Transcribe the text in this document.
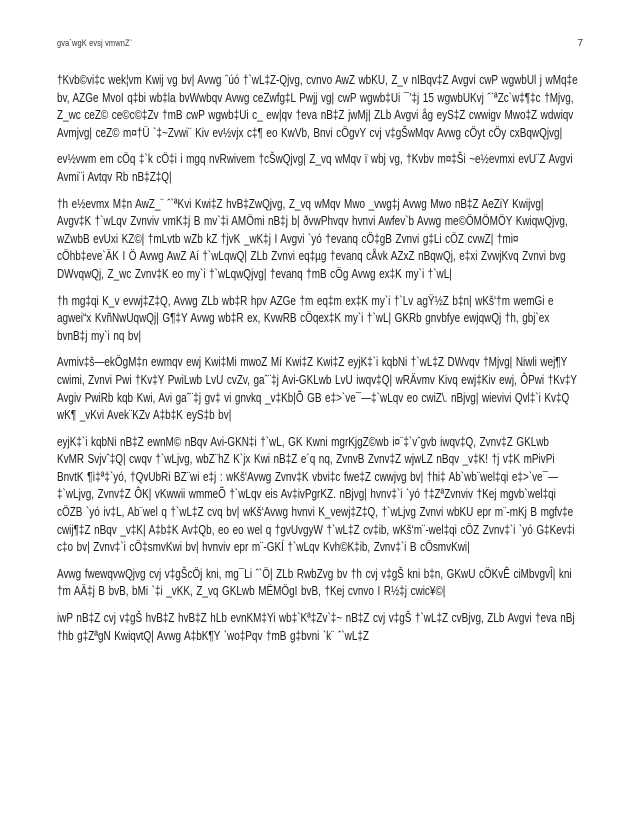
gva`wgK evsj vmwnZ¨	7

†Kvb©vi‡c wek¦vm Kwij vg bv| Avwg ˆúó †`wL‡Z-Qjvg, cvnvo AwZ wbKU, Z_v nIBqv‡Z Avgvi cwP wgwbUl j wMq‡e bv, AZGe MvoI q‡bi wb‡la bvWwbqv Avwg ceZwfg‡L Pwjj vg| cwP wgwb‡Ui ¯’‡j 15 wgwbUKvj ˆ`ªZc`w‡¶‡c †Mjvg, Z_wc ceZ© ce©c©‡Zv †mB cwP wgwb‡Ui c_ ew|qv †eva nB‡Z jwMj| ZLb Avgvi åg eyS‡Z cwwigv Mwo‡Z wdwiqv Avmjvg| ceZ© m¤†Ü `‡~Zvwi¨ Kiv ev½vjx c‡¶ eo KwVb, Bnvi cÖgvY cvj v‡gŠwMqv Avwg cÖyt cÖy cxBqwQjvg|

ev½vwm em cÖq ‡`k cÖ‡i i mgq nvRwivem †cŠwQjvg| Z_vq wMqv ï wbj vg, †Kvbv m¤‡Ši ~e½evmxi evU¨Z Avgvi Avmi¨i Avtqv Rb nB‡Z‡Q|

†h e½evmx M‡n AwZ_¨ ˆ`ªKvi Kwi‡Z hvB‡ZwQjvg, Z_vq wMqv Mwo _vwg‡j Avwg Mwo nB‡Z AeZiY Kwijvg| Avgv‡K †`wLqv Zvnviv vmK‡j B mv`‡i AMÖmi nB‡j b| ðvwPhvqv hvnvi Awfev`b Avwg me©ÖMÖMÖY KwiqwQjvg, wZwbB evUxi KZ©| †mLvtb wZb kZ †jvK _wK‡j I Avgvi `yó †evanq cÖ‡gB Zvnvi g‡Li cÖZ cvwZ| †mi¤ cÖhb‡eve`ÄK I Ö Avwg AwZ Aí †`wLqwQ| ZLb Zvnvi eq‡µg †evanq cÅvk AZxZ nBqwQj, e‡xi ZvwjKvq Zvnvi bvg DWvqwQj, Z_wc Zvnv‡K eo my`i †`wLqwQjvg| †evanq †mB cÖg Avwg ex‡K my`i †`wL|

†h mg‡qi K_v evwj‡Z‡Q, Avwg ZLb wb‡R hpv AZGe †m eq‡m ex‡K my`i †`Lv agŸ½Z b‡n| wKš‘†m wemGi e agwei“x KvñNwUqwQj| G¶‡Y Avwg wb‡R ex, KvwRB cÖqex‡K my`i †`wL| GKRb gnvbfye ewjqwQj †h, gbj`ex bvnB‡j my`i nq bv|

Avmiv‡š—ekÖgM‡n ewmqv ewj Kwi‡Mi mwoZ Mí Kwi‡Z Kwi‡Z eyjK‡`i kqbNi †`wL‡Z DWvqv †Mjvg| Niwli wej¶Y cwimi, Zvnvi Pwi †Kv‡Y PwiLwb LvU cvZv, gaˆ¨‡j Avi-GKLwb LvU iwqv‡Q| wRÄvmv Kivq ewj‡Kiv ewj, ÔPwi †Kv‡Y Avgiv PwiRb kqb Kwi, Avi gaˆ¨‡j gv‡ vi gnvkq _v‡Kb|Õ GB e‡>`ve¯—‡`wLqv eo cwiZ\. nBjvg| wievivi Qvl‡`i Kv‡Q wK¶ _vKvi Avek¨KZv A‡b‡K eyS‡b bv|

eyjK‡`i kqbNi nB‡Z ewnM© nBqv Avi-GKN‡i †`wL, GK Kwni mgrKjgZ©wb i¤¨‡`vˆgvb iwqv‡Q, Zvnv‡Z GKLwb KvMR Svjvˆ‡Q| cwqv †`wLjvg, wbZ¨hZ K`jx Kwi nB‡Z e´q nq, ZvnvB Zvnv‡Z wjwLZ nBqv _v‡K! †j v‡K mPivPi BnvtK ¶ì‡ª‡`yó, †QvUbRi BZ¨wi e‡j : wKš‘Avwg Zvnv‡K vbvi‡c fwe‡Z cwwjvg bv| †hi‡ Ab`wb¨wel‡qi e‡>`ve¯—‡`wLjvg, Zvnv‡Z ÔK| vKwwii wmmeÕ †`wLqv eis Av‡ivPgrKZ. nBjvg| hvnv‡`i `yó †‡ZªZvnviv †Kej mgvb`wel‡qi cÖZB `yó iv‡L, Ab¨wel q †`wL‡Z cvq bv| wKš‘Avwg hvnvi K_vewj‡Z‡Q, †`wLjvg Zvnvi wbKU epr m¨-mKj B mgfv‡e cwij¶‡Z nBqv _v‡K| A‡b‡K Av‡Qb, eo eo wel q †gvUvgyW †`wL‡Z cv‡ib, wKš‘m¨-wel‡qi cÖZ Zvnv‡`i `yó G‡Kev‡i c‡o bv| Zvnv‡`i cÖ‡smvKwi bv| hvnviv epr m¨-GKÍ †`wLqv Kvh©K‡ib, Zvnv‡`i B cÖsmvKwi|

Avwg fwewqvwQjvg cvj v‡gŠcÖj kni, mg¯Li ˆ`Ö| ZLb RwbZvg bv †h cvj v‡gŠ kni b‡n, GKwU cÖKvÊ ciMbvgvÎ| kni †m AÄ‡j B bvB, bMi `‡i _vKK, Z_vq GKLwb MËMÖgI bvB, †Kej cvnvo I R½‡j cwic¥©|

iwP nB‡Z cvj v‡gŠ hvB‡Z hvB‡Z hLb evnKM‡Yi wb‡`Kª‡Zv`‡~ nB‡Z cvj v‡gŠ †`wL‡Z cvBjvg, ZLb Avgvi †eva nBj †hb g‡ZªgN KwiqvtQ| Avwg A‡bK¶Y `wo‡Pqv †mB g‡bvni `k¨ ˆ`wL‡Z
